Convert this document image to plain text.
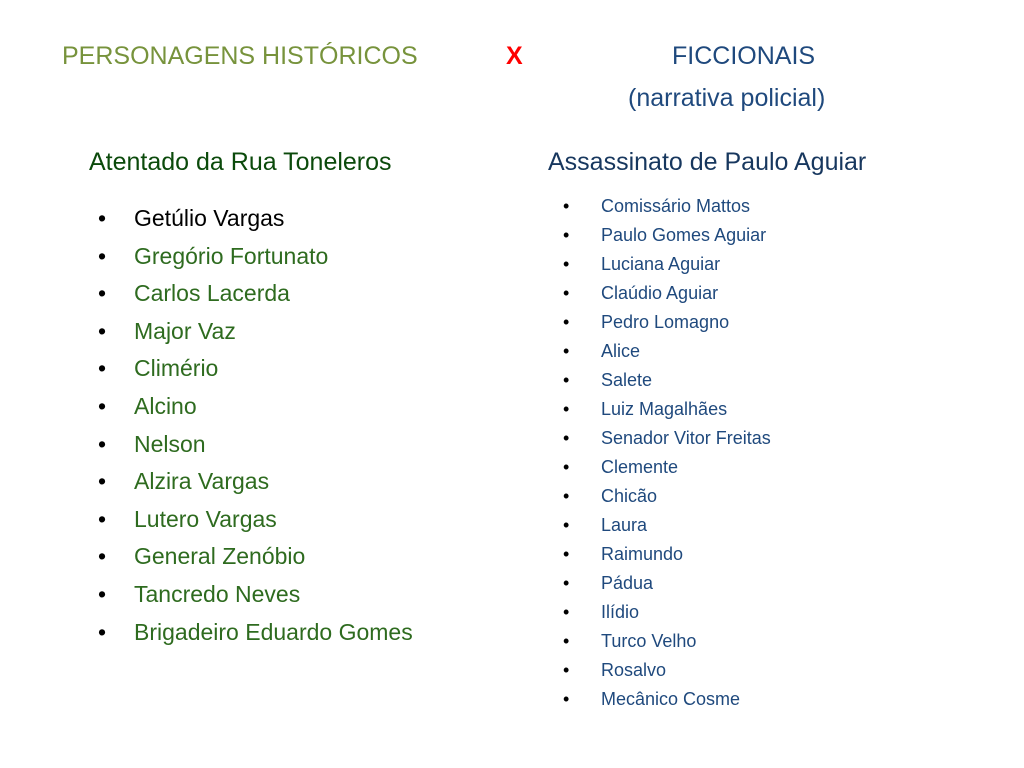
PERSONAGENS HISTÓRICOS	X	FICCIONAIS
(narrativa policial)
Atentado da Rua Toneleros	Assassinato de Paulo Aguiar
• Getúlio Vargas
• Gregório Fortunato
• Carlos Lacerda
• Major Vaz
• Climério
• Alcino
• Nelson
• Alzira Vargas
• Lutero Vargas
• General Zenóbio
• Tancredo Neves
• Brigadeiro Eduardo Gomes
• Comissário Mattos
• Paulo Gomes Aguiar
• Luciana Aguiar
• Claúdio Aguiar
• Pedro Lomagno
• Alice
• Salete
• Luiz Magalhães
• Senador Vitor Freitas
• Clemente
• Chicão
• Laura
• Raimundo
• Pádua
• Ilídio
• Turco Velho
• Rosalvo
• Mecânico Cosme
